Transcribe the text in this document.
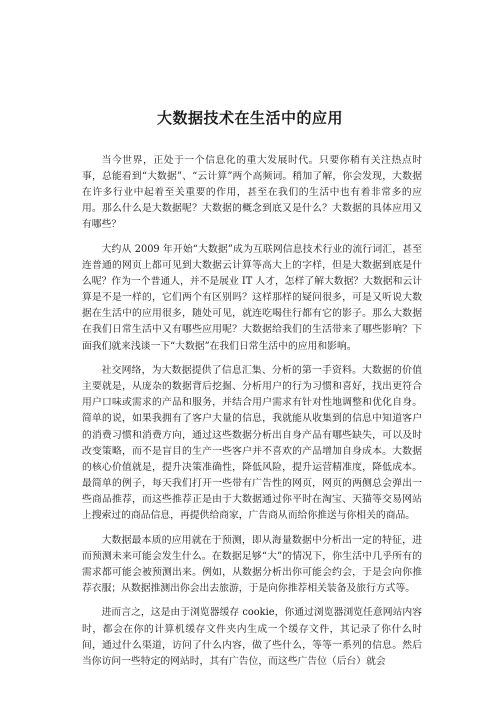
大数据技术在生活中的应用

当今世界，正处于一个信息化的重大发展时代。只要你稍有关注热点时事，总能看到“大数据”、“云计算”两个高频词。稍加了解，你会发现，大数据在许多行业中起着至关重要的作用，甚至在我们的生活中也有着非常多的应用。那么什么是大数据呢？大数据的概念到底又是什么？大数据的具体应用又有哪些？

大约从 2009 年开始“大数据”成为互联网信息技术行业的流行词汇，甚至连普通的网页上都可见到大数据云计算等高大上的字样，但是大数据到底是什么呢？作为一个普通人，并不是展业 IT 人才，怎样了解大数据？大数据和云计算是不是一样的，它们两个有区别吗？这样那样的疑问很多，可是又听说大数据在生活中的应用很多，随处可见，就连吃喝住行都有它的影子。那么大数据在我们日常生活中又有哪些应用呢？大数据给我们的生活带来了哪些影响？下面我们就来浅谈一下“大数据”在我们日常生活中的应用和影响。

社交网络，为大数据提供了信息汇集、分析的第一手资料。大数据的价值主要就是，从庞杂的数据背后挖掘、分析用户的行为习惯和喜好，找出更符合用户口味或需求的产品和服务，并结合用户需求有针对性地调整和优化自身。简单的说，如果我拥有了客户大量的信息，我就能从收集到的信息中知道客户的消费习惯和消费方向，通过这些数据分析出自身产品有哪些缺失，可以及时改变策略，而不是盲目的生产一些客户并不喜欢的产品增加自身成本。大数据的核心价值就是，提升决策准确性，降低风险，提升运营精准度，降低成本。最简单的例子，每天我们打开一些带有广告性的网页，网页的两侧总会弹出一些商品推荐，而这些推荐正是由于大数据通过你平时在淘宝、天猫等交易网站上搜索过的商品信息，再提供给商家，广告商从而给你推送与你相关的商品。

大数据最本质的应用就在于预测，即从海量数据中分析出一定的特征，进而预测未来可能会发生什么。在数据足够“大”的情况下，你生活中几乎所有的需求都可能会被预测出来。例如，从数据分析出你可能会约会，于是会向你推荐衣服；从数据推测出你会出去旅游，于是向你推荐相关装备及旅行方式等。

进而言之，这是由于浏览器缓存 cookie，你通过浏览器浏览任意网站内容时，都会在你的计算机缓存文件夹内生成一个缓存文件，其记录了你什么时间，通过什么渠道，访问了什么内容，做了些什么，等等一系列的信息。然后当你访问一些特定的网站时，其有广告位，而这些广告位（后台）就会
